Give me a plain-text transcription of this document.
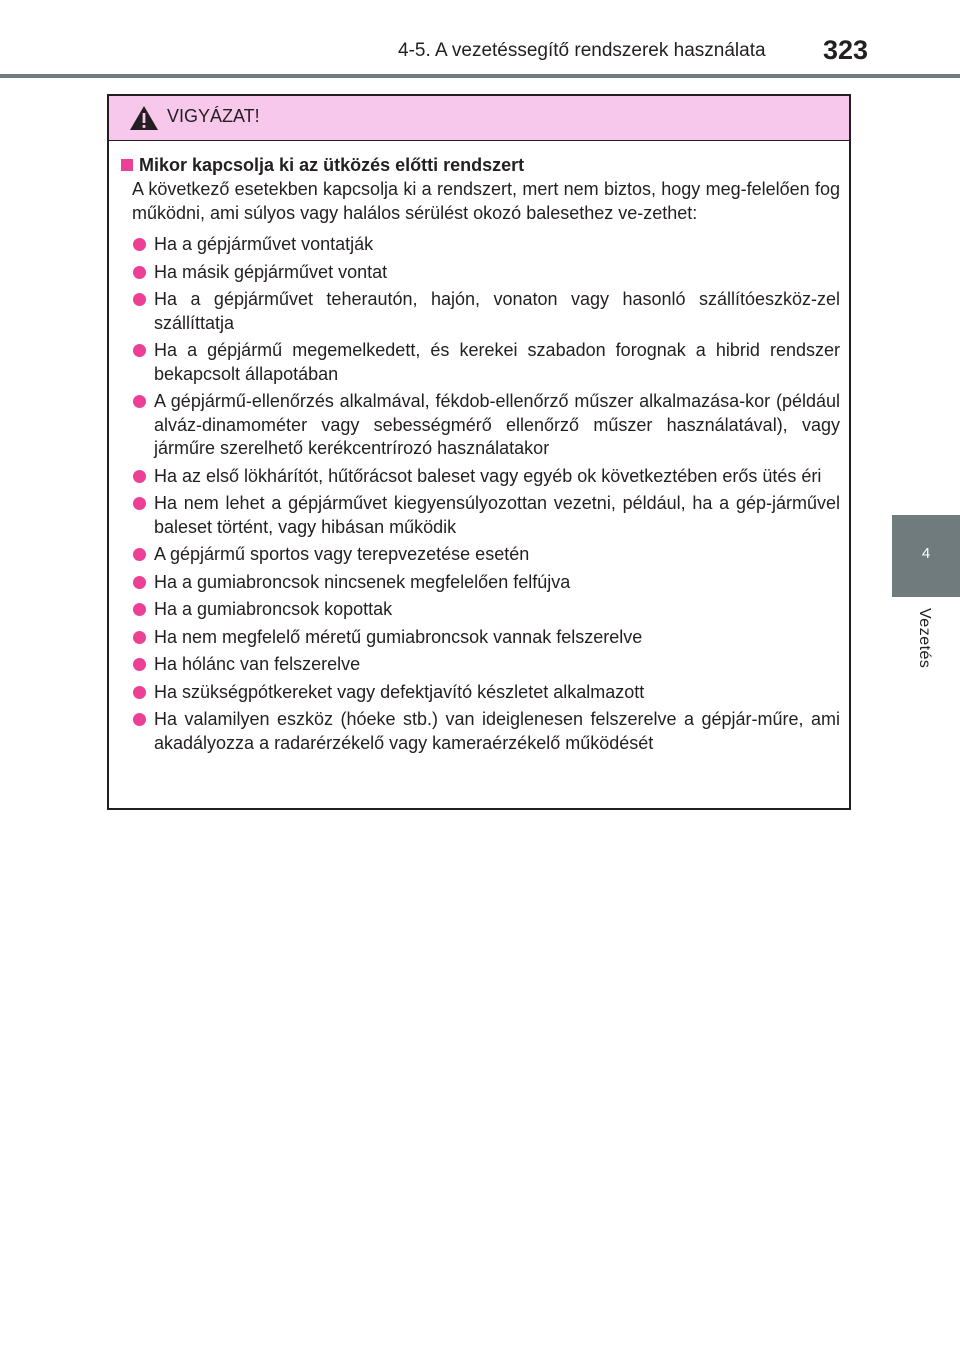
4-5. A vezetéssegítő rendszerek használata 323
4
Vezetés
VIGYÁZAT!
Mikor kapcsolja ki az ütközés előtti rendszert
A következő esetekben kapcsolja ki a rendszert, mert nem biztos, hogy meg-felelően fog működni, ami súlyos vagy halálos sérülést okozó balesethez ve-zethet:
Ha a gépjárművet vontatják
Ha másik gépjárművet vontat
Ha a gépjárművet teherautón, hajón, vonaton vagy hasonló szállítóeszköz-zel szállíttatja
Ha a gépjármű megemelkedett, és kerekei szabadon forognak a hibrid rendszer bekapcsolt állapotában
A gépjármű-ellenőrzés alkalmával, fékdob-ellenőrző műszer alkalmazása-kor (például alváz-dinamométer vagy sebességmérő ellenőrző műszer használatával), vagy járműre szerelhető kerékcentrírozó használatakor
Ha az első lökhárítót, hűtőrácsot baleset vagy egyéb ok következtében erős ütés éri
Ha nem lehet a gépjárművet kiegyensúlyozottan vezetni, például, ha a gép-járművel baleset történt, vagy hibásan működik
A gépjármű sportos vagy terepvezetése esetén
Ha a gumiabroncsok nincsenek megfelelően felfújva
Ha a gumiabroncsok kopottak
Ha nem megfelelő méretű gumiabroncsok vannak felszerelve
Ha hólánc van felszerelve
Ha szükségpótkereket vagy defektjavító készletet alkalmazott
Ha valamilyen eszköz (hóeke stb.) van ideiglenesen felszerelve a gépjár-műre, ami akadályozza a radarérzékelő vagy kameraérzékelő működését
